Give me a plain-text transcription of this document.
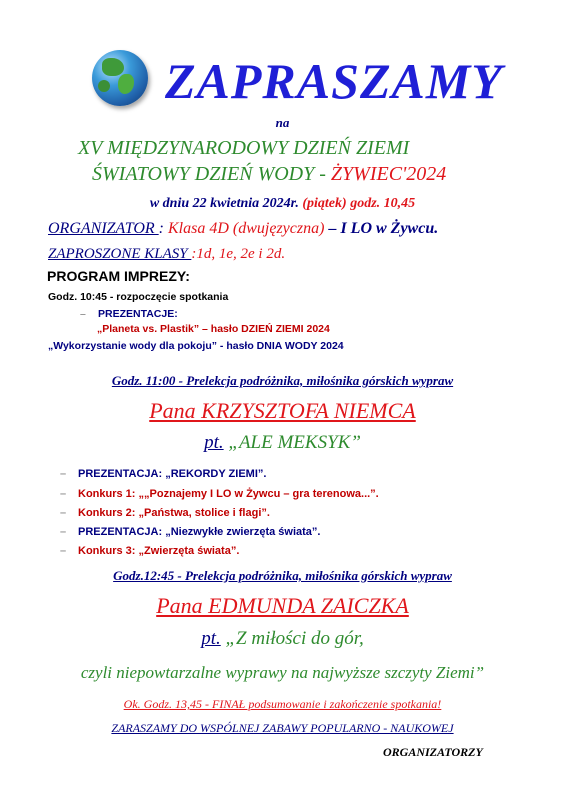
ZAPRASZAMY
na
XV MIĘDZYNARODOWY DZIEŃ ZIEMI
ŚWIATOWY DZIEŃ WODY - ŻYWIEC'2024
w dniu 22 kwietnia 2024r. (piątek) godz. 10,45
ORGANIZATOR : Klasa 4D (dwujęzyczna) – I LO w Żywcu.
ZAPROSZONE KLASY :1d, 1e, 2e i 2d.
PROGRAM IMPREZY:
Godz. 10:45 - rozpoczęcie spotkania
– PREZENTACJE:
„Planeta vs. Plastik” – hasło DZIEŃ ZIEMI 2024
„Wykorzystanie wody dla pokoju” - hasło DNIA WODY 2024
Godz. 11:00 - Prelekcja podróżnika, miłośnika górskich wypraw
Pana KRZYSZTOFA NIEMCA
pt. „ALE MEKSYK”
– PREZENTACJA: „REKORDY ZIEMI”.
– Konkurs 1: „„Poznajemy I LO w Żywcu – gra terenowa...”.
– Konkurs 2: „Państwa, stolice i flagi”.
– PREZENTACJA: „Niezwykłe zwierzęta świata”.
– Konkurs 3: „Zwierzęta świata”.
Godz.12:45 - Prelekcja podróżnika, miłośnika górskich wypraw
Pana EDMUNDA ZAICZKA
pt. „Z miłości do gór,
czyli niepowtarzalne wyprawy na najwyższe szczyty Ziemi”
Ok. Godz. 13,45 - FINAŁ podsumowanie i zakończenie spotkania!
ZARASZAMY DO WSPÓLNEJ ZABAWY POPULARNO - NAUKOWEJ
ORGANIZATORZY
